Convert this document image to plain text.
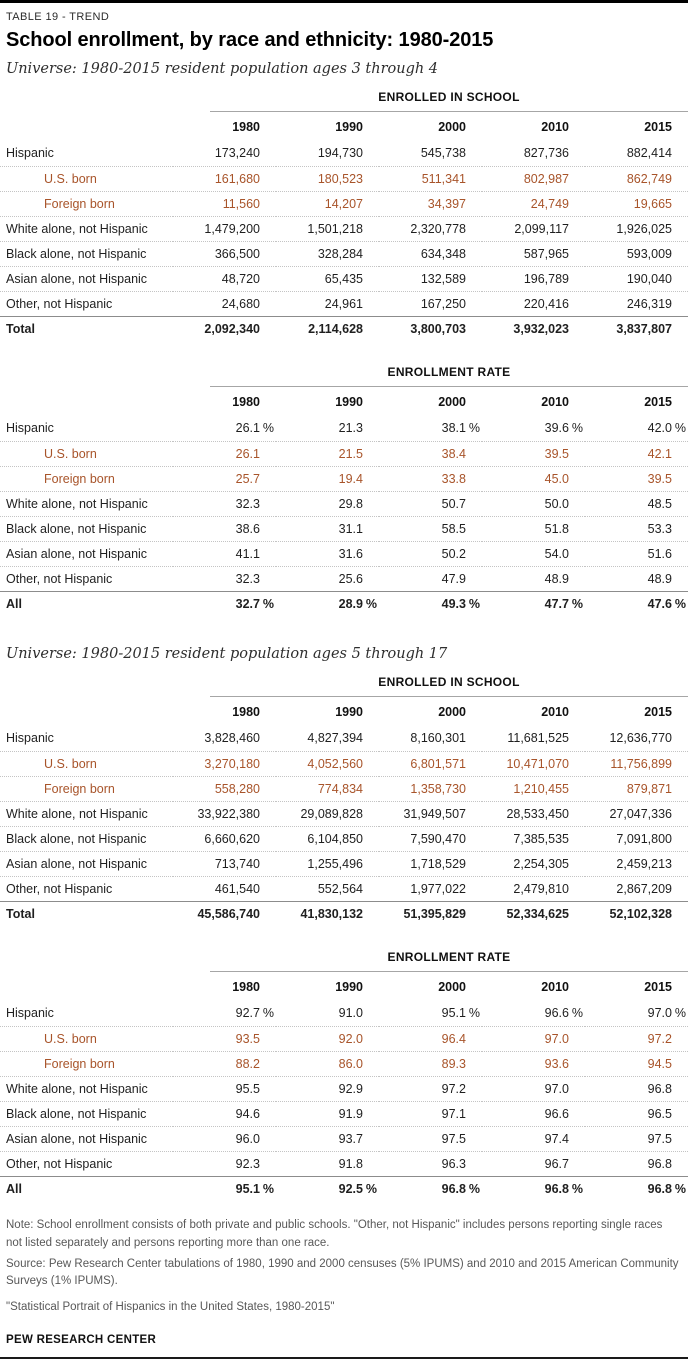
TABLE 19 - TREND
School enrollment, by race and ethnicity: 1980-2015
Universe: 1980-2015 resident population ages 3 through 4
ENROLLED IN SCHOOL
	1980	1990	2000	2010	2015
Hispanic	173,240	194,730	545,738	827,736	882,414
U.S. born	161,680	180,523	511,341	802,987	862,749
Foreign born	11,560	14,207	34,397	24,749	19,665
White alone, not Hispanic	1,479,200	1,501,218	2,320,778	2,099,117	1,926,025
Black alone, not Hispanic	366,500	328,284	634,348	587,965	593,009
Asian alone, not Hispanic	48,720	65,435	132,589	196,789	190,040
Other, not Hispanic	24,680	24,961	167,250	220,416	246,319
Total	2,092,340	2,114,628	3,800,703	3,932,023	3,837,807
ENROLLMENT RATE
	1980	1990	2000	2010	2015
Hispanic	26.1 %	21.3	38.1 %	39.6 %	42.0 %
U.S. born	26.1	21.5	38.4	39.5	42.1
Foreign born	25.7	19.4	33.8	45.0	39.5
White alone, not Hispanic	32.3	29.8	50.7	50.0	48.5
Black alone, not Hispanic	38.6	31.1	58.5	51.8	53.3
Asian alone, not Hispanic	41.1	31.6	50.2	54.0	51.6
Other, not Hispanic	32.3	25.6	47.9	48.9	48.9
All	32.7 %	28.9 %	49.3 %	47.7 %	47.6 %
Universe: 1980-2015 resident population ages 5 through 17
ENROLLED IN SCHOOL
	1980	1990	2000	2010	2015
Hispanic	3,828,460	4,827,394	8,160,301	11,681,525	12,636,770
U.S. born	3,270,180	4,052,560	6,801,571	10,471,070	11,756,899
Foreign born	558,280	774,834	1,358,730	1,210,455	879,871
White alone, not Hispanic	33,922,380	29,089,828	31,949,507	28,533,450	27,047,336
Black alone, not Hispanic	6,660,620	6,104,850	7,590,470	7,385,535	7,091,800
Asian alone, not Hispanic	713,740	1,255,496	1,718,529	2,254,305	2,459,213
Other, not Hispanic	461,540	552,564	1,977,022	2,479,810	2,867,209
Total	45,586,740	41,830,132	51,395,829	52,334,625	52,102,328
ENROLLMENT RATE
	1980	1990	2000	2010	2015
Hispanic	92.7 %	91.0	95.1 %	96.6 %	97.0 %
U.S. born	93.5	92.0	96.4	97.0	97.2
Foreign born	88.2	86.0	89.3	93.6	94.5
White alone, not Hispanic	95.5	92.9	97.2	97.0	96.8
Black alone, not Hispanic	94.6	91.9	97.1	96.6	96.5
Asian alone, not Hispanic	96.0	93.7	97.5	97.4	97.5
Other, not Hispanic	92.3	91.8	96.3	96.7	96.8
All	95.1 %	92.5 %	96.8 %	96.8 %	96.8 %

Note: School enrollment consists of both private and public schools. "Other, not Hispanic" includes persons reporting single races not listed separately and persons reporting more than one race.

Source: Pew Research Center tabulations of 1980, 1990 and 2000 censuses (5% IPUMS) and 2010 and 2015 American Community Surveys (1% IPUMS).

"Statistical Portrait of Hispanics in the United States, 1980-2015"

PEW RESEARCH CENTER
